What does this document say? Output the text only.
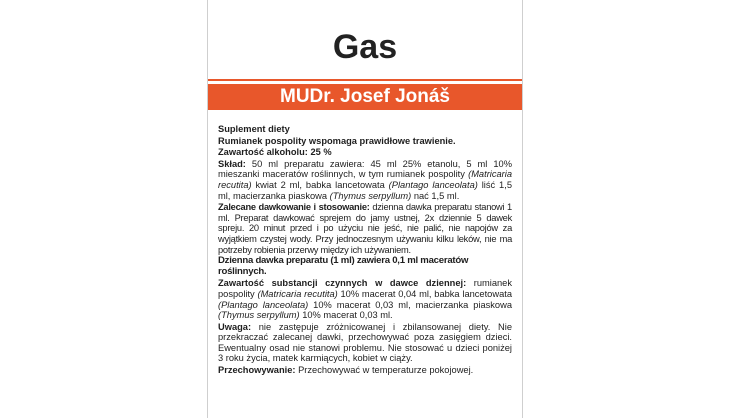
Gas
MUDr. Josef Jonáš

Suplement diety

Rumianek pospolity wspomaga prawidłowe trawienie.

Zawartość alkoholu: 25 %

Skład: 50 ml preparatu zawiera: 45 ml 25% etanolu, 5 ml 10% mieszanki maceratów roślinnych, w tym rumianek pospolity (Matricaria recutita) kwiat 2 ml, babka lancetowata (Plantago lanceolata) liść 1,5 ml, macierzanka piaskowa (Thymus serpyllum) nać 1,5 ml.

Zalecane dawkowanie i stosowanie: dzienna dawka preparatu stanowi 1 ml. Preparat dawkować sprejem do jamy ustnej, 2x dziennie 5 dawek spreju. 20 minut przed i po użyciu nie jeść, nie palić, nie napojów za wyjątkiem czystej wody. Przy jednoczesnym używaniu kilku leków, nie ma potrzeby robienia przerwy między ich używaniem.

Dzienna dawka preparatu (1 ml) zawiera 0,1 ml maceratów roślinnych.

Zawartość substancji czynnych w dawce dziennej: rumianek pospolity (Matricaria recutita) 10% macerat 0,04 ml, babka lancetowata (Plantago lanceolata) 10% macerat 0,03 ml, macierzanka piaskowa (Thymus serpyllum) 10% macerat 0,03 ml.

Uwaga: nie zastępuje zróżnicowanej i zbilansowanej diety. Nie przekraczać zalecanej dawki, przechowywać poza zasięgiem dzieci. Ewentualny osad nie stanowi problemu. Nie stosować u dzieci poniżej 3 roku życia, matek karmiących, kobiet w ciąży.

Przechowywanie: Przechowywać w temperaturze pokojowej.
